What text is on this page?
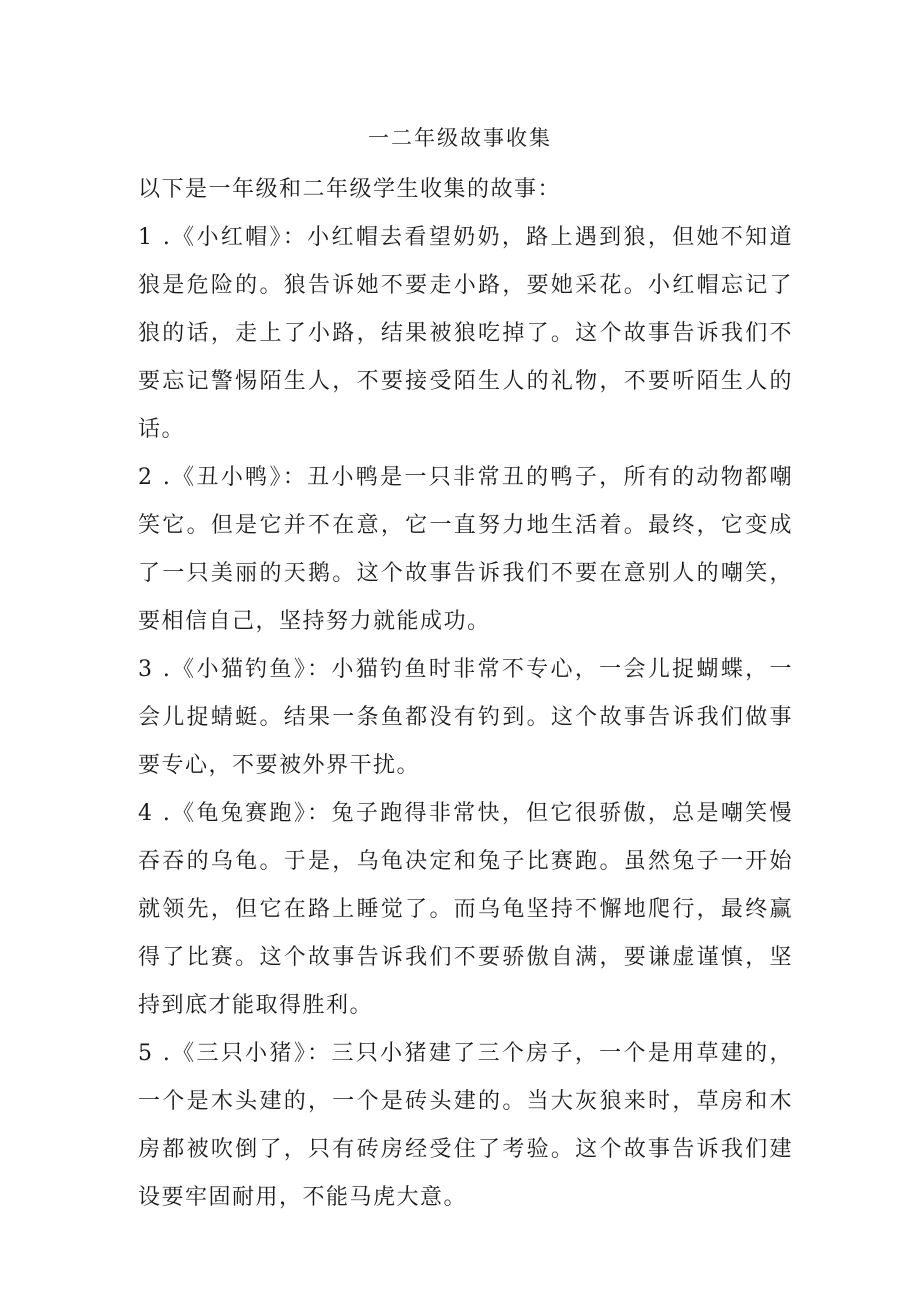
一二年级故事收集

以下是一年级和二年级学生收集的故事：

1 .《小红帽》：小红帽去看望奶奶，路上遇到狼，但她不知道狼是危险的。狼告诉她不要走小路，要她采花。小红帽忘记了狼的话，走上了小路，结果被狼吃掉了。这个故事告诉我们不要忘记警惕陌生人，不要接受陌生人的礼物，不要听陌生人的话。

2 .《丑小鸭》：丑小鸭是一只非常丑的鸭子，所有的动物都嘲笑它。但是它并不在意，它一直努力地生活着。最终，它变成了一只美丽的天鹅。这个故事告诉我们不要在意别人的嘲笑，要相信自己，坚持努力就能成功。

3 .《小猫钓鱼》：小猫钓鱼时非常不专心，一会儿捉蝴蝶，一会儿捉蜻蜓。结果一条鱼都没有钓到。这个故事告诉我们做事要专心，不要被外界干扰。

4 .《龟兔赛跑》：兔子跑得非常快，但它很骄傲，总是嘲笑慢吞吞的乌龟。于是，乌龟决定和兔子比赛跑。虽然兔子一开始就领先，但它在路上睡觉了。而乌龟坚持不懈地爬行，最终赢得了比赛。这个故事告诉我们不要骄傲自满，要谦虚谨慎，坚持到底才能取得胜利。

5 .《三只小猪》：三只小猪建了三个房子，一个是用草建的，一个是木头建的，一个是砖头建的。当大灰狼来时，草房和木房都被吹倒了，只有砖房经受住了考验。这个故事告诉我们建设要牢固耐用，不能马虎大意。
